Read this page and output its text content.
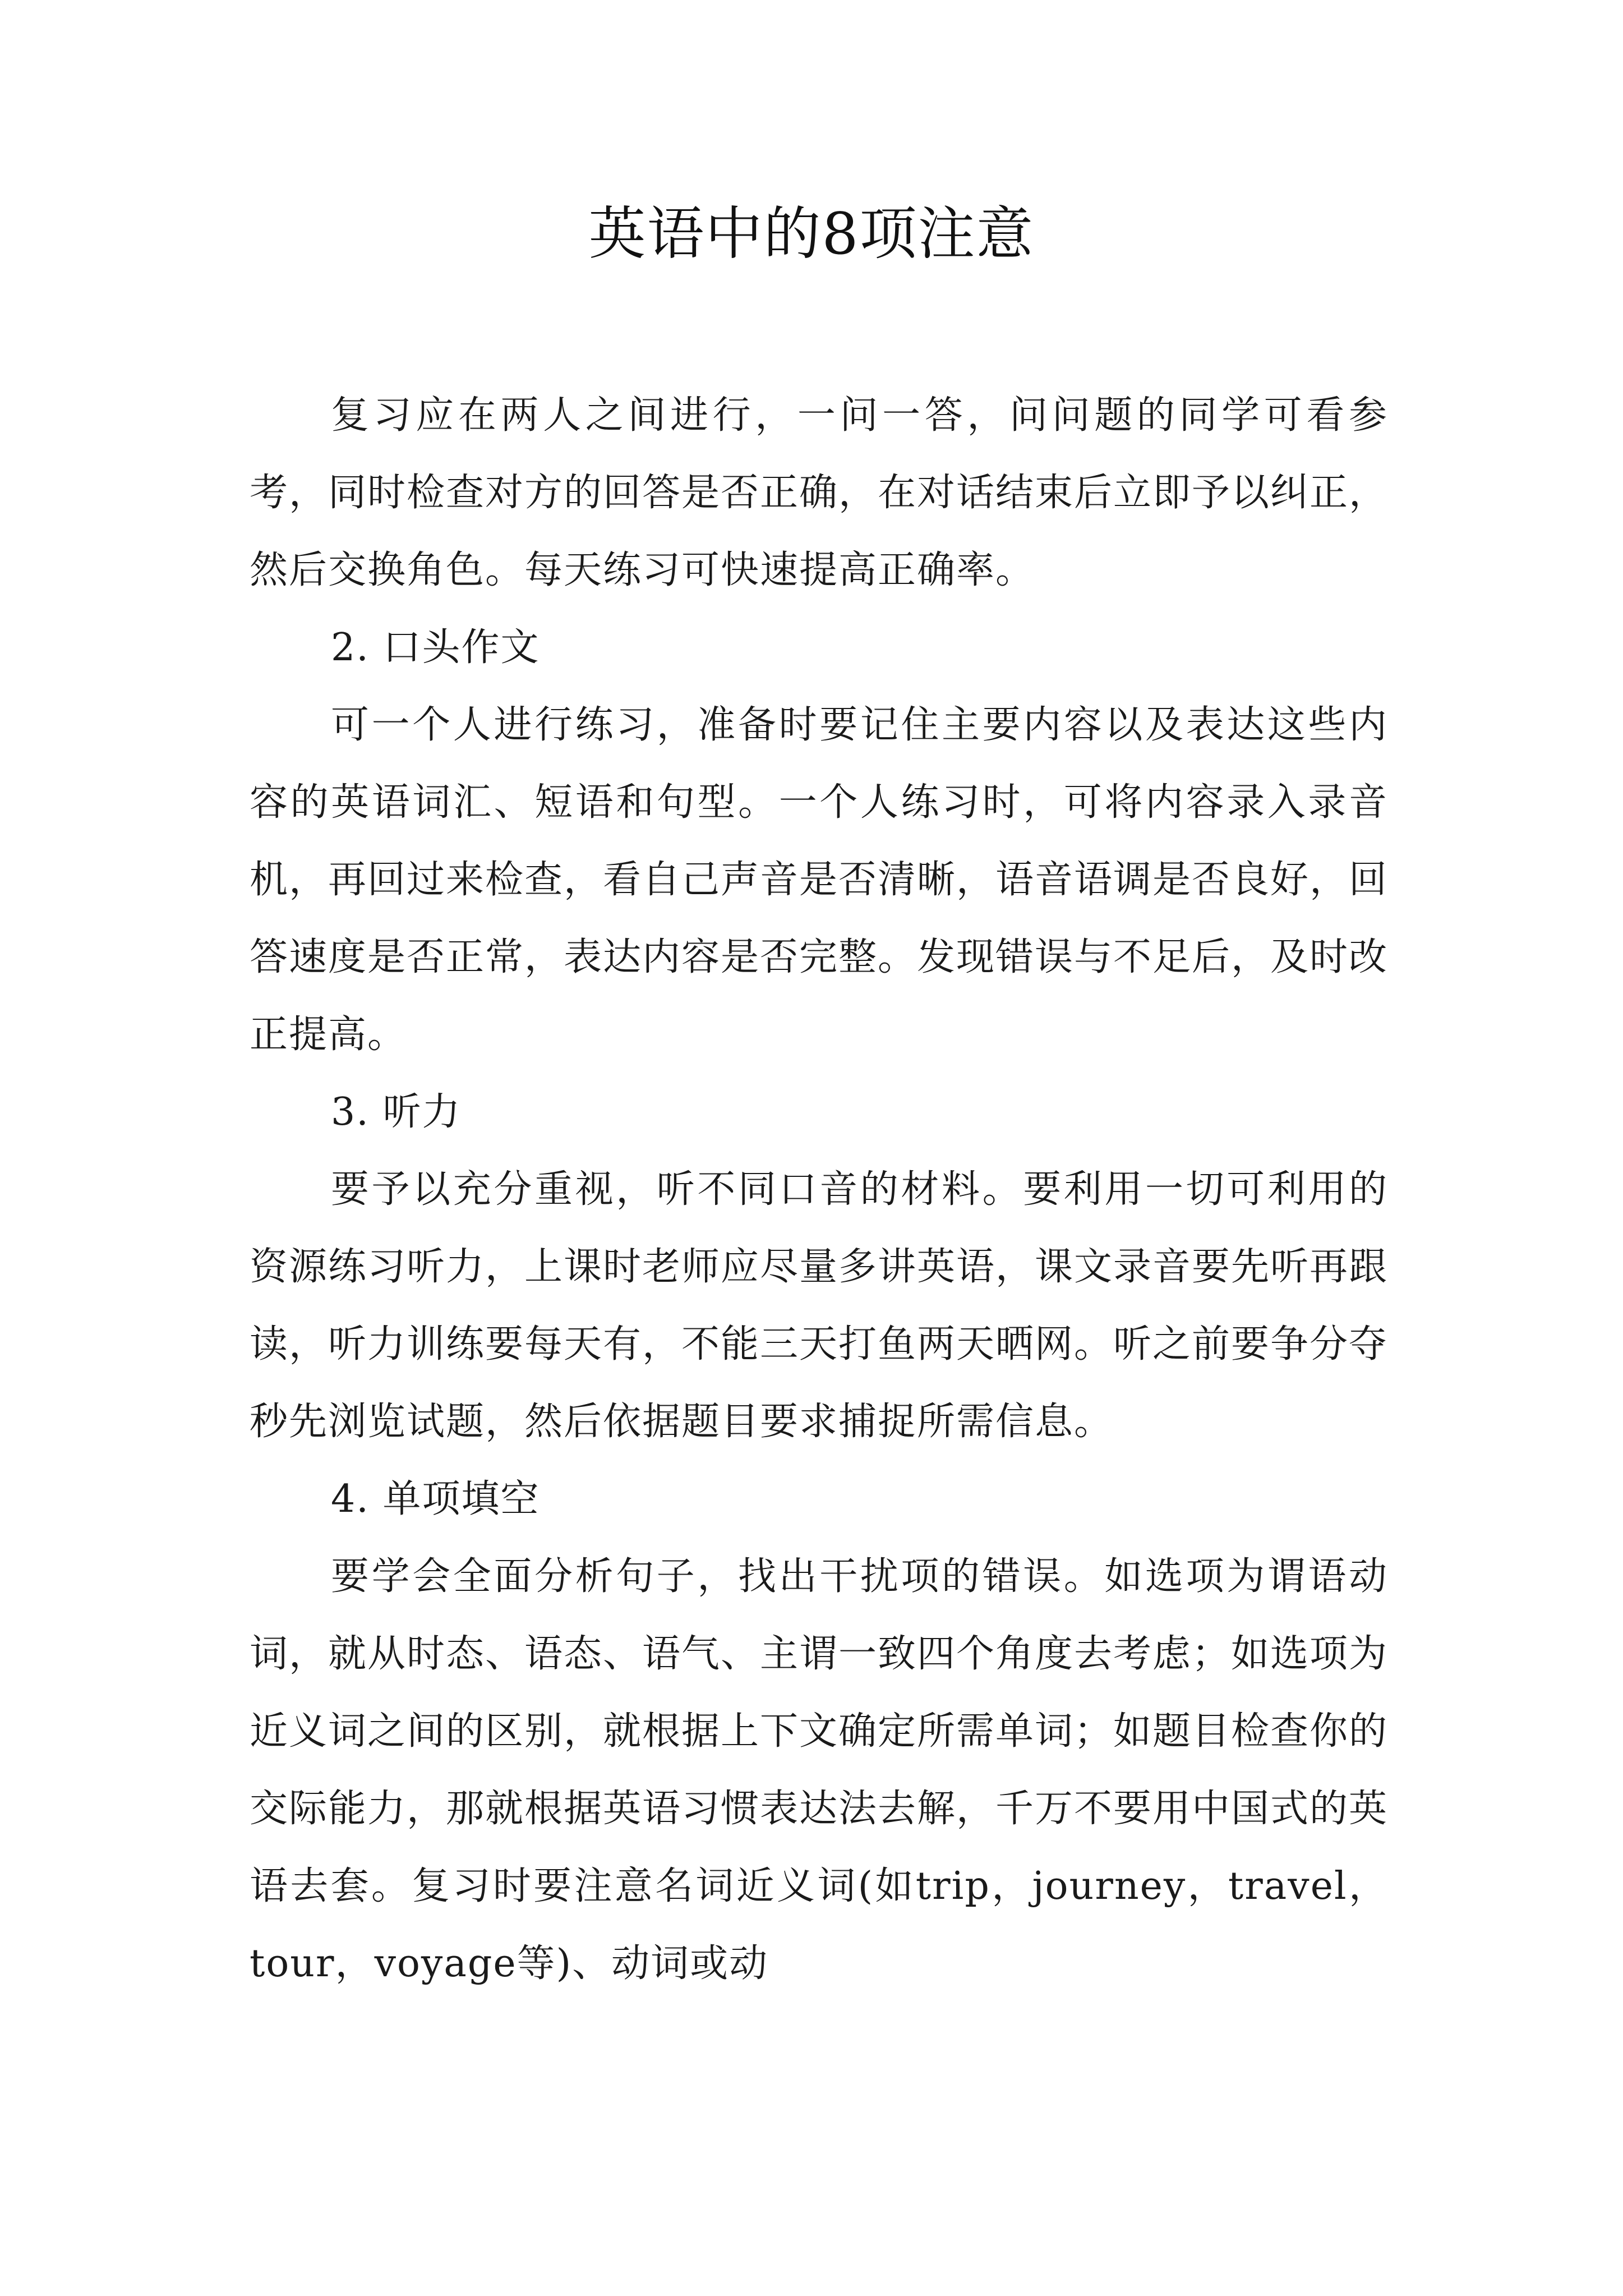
英语中的8项注意

复习应在两人之间进行，一问一答，问问题的同学可看参考，同时检查对方的回答是否正确，在对话结束后立即予以纠正，然后交换角色。每天练习可快速提高正确率。

2. 口头作文

可一个人进行练习，准备时要记住主要内容以及表达这些内容的英语词汇、短语和句型。一个人练习时，可将内容录入录音机，再回过来检查，看自己声音是否清晰，语音语调是否良好，回答速度是否正常，表达内容是否完整。发现错误与不足后，及时改正提高。

3. 听力

要予以充分重视，听不同口音的材料。要利用一切可利用的资源练习听力，上课时老师应尽量多讲英语，课文录音要先听再跟读，听力训练要每天有，不能三天打鱼两天晒网。听之前要争分夺秒先浏览试题，然后依据题目要求捕捉所需信息。

4. 单项填空

要学会全面分析句子，找出干扰项的错误。如选项为谓语动词，就从时态、语态、语气、主谓一致四个角度去考虑；如选项为近义词之间的区别，就根据上下文确定所需单词；如题目检查你的交际能力，那就根据英语习惯表达法去解，千万不要用中国式的英语去套。复习时要注意名词近义词(如trip，journey，travel，tour，voyage等)、动词或动
